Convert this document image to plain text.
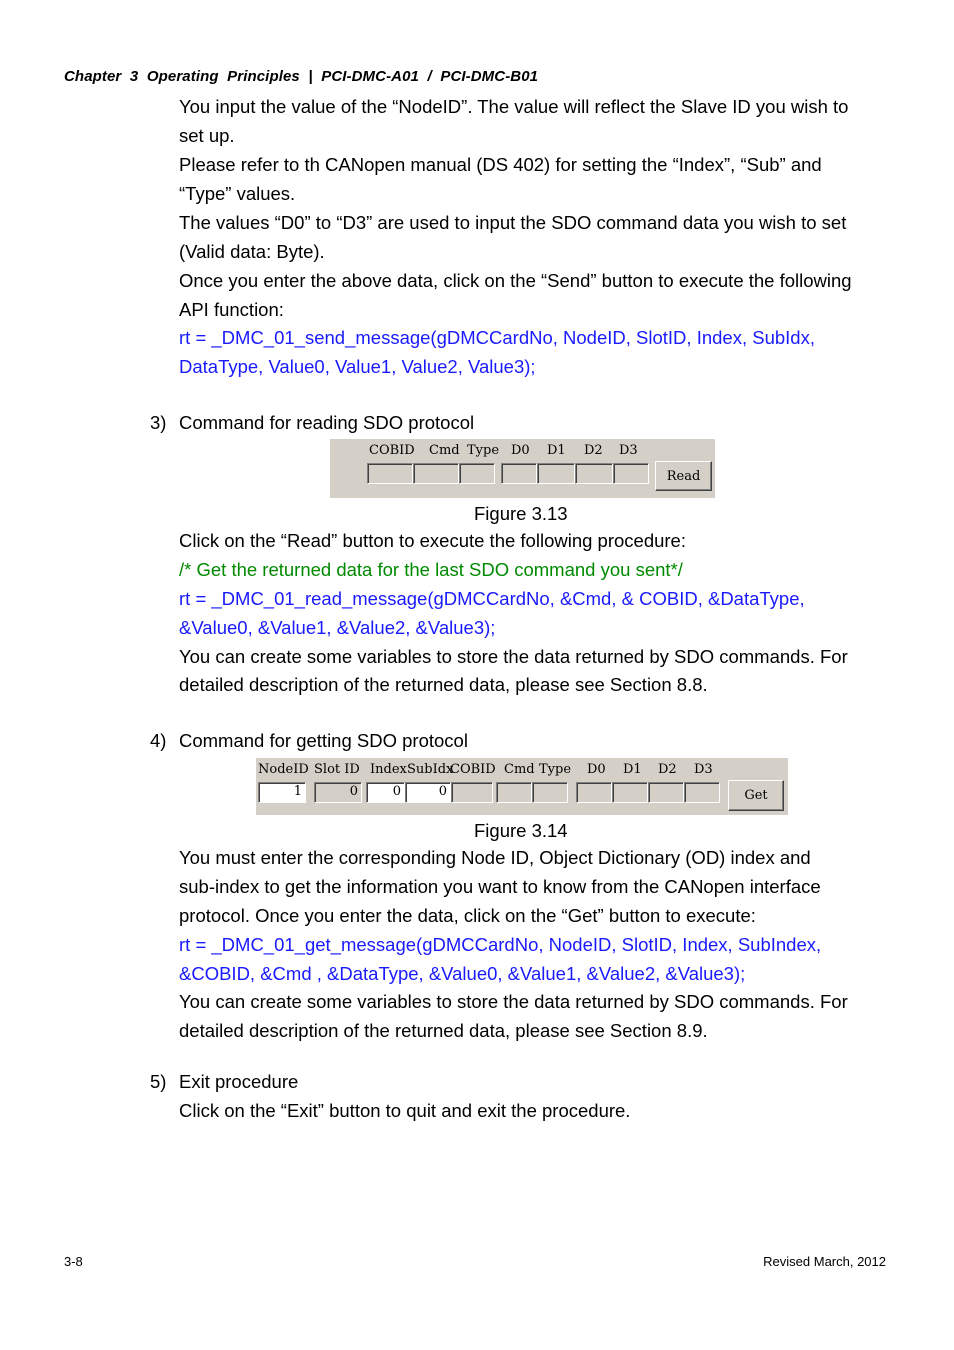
Chapter  3  Operating  Principles  |  PCI-DMC-A01  /  PCI-DMC-B01
You input the value of the “NodeID”. The value will reflect the Slave ID you wish to
set up.
Please refer to th CANopen manual (DS 402) for setting the “Index”, “Sub” and
“Type” values.
The values “D0” to “D3” are used to input the SDO command data you wish to set
(Valid data: Byte).
Once you enter the above data, click on the “Send” button to execute the following
API function:
rt = _DMC_01_send_message(gDMCCardNo, NodeID, SlotID, Index, SubIdx,
DataType, Value0, Value1, Value2, Value3);
3) Command for reading SDO protocol
COBID Cmd Type D0 D1 D2 D3
Read
Figure 3.13
Click on the “Read” button to execute the following procedure:
/* Get the returned data for the last SDO command you sent*/
rt = _DMC_01_read_message(gDMCCardNo, &Cmd, & COBID, &DataType,
&Value0, &Value1, &Value2, &Value3);
You can create some variables to store the data returned by SDO commands. For
detailed description of the returned data, please see Section 8.8.
4) Command for getting SDO protocol
NodeID Slot ID Index SubIdx
COBID Cmd Type D0 D1 D2 D3
1	0	0	0	Get
Figure 3.14
You must enter the corresponding Node ID, Object Dictionary (OD) index and
sub-index to get the information you want to know from the CANopen interface
protocol. Once you enter the data, click on the “Get” button to execute:
rt = _DMC_01_get_message(gDMCCardNo, NodeID, SlotID, Index, SubIndex,
&COBID, &Cmd , &DataType, &Value0, &Value1, &Value2, &Value3);
You can create some variables to store the data returned by SDO commands. For
detailed description of the returned data, please see Section 8.9.
5) Exit procedure
Click on the “Exit” button to quit and exit the procedure.
3-8	Revised March, 2012
